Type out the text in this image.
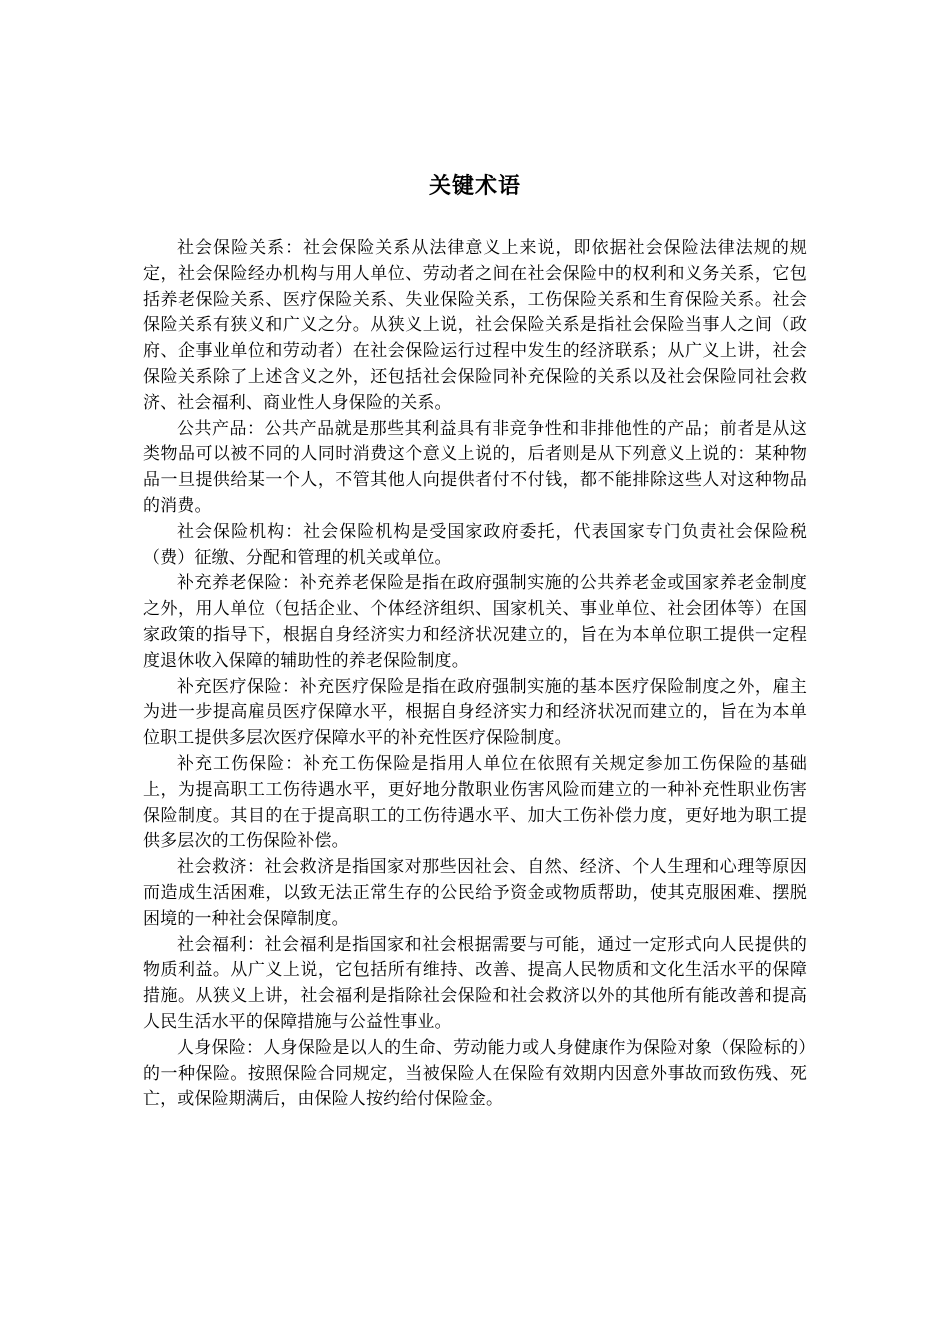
关键术语

社会保险关系：社会保险关系从法律意义上来说，即依据社会保险法律法规的规定，社会保险经办机构与用人单位、劳动者之间在社会保险中的权利和义务关系，它包括养老保险关系、医疗保险关系、失业保险关系，工伤保险关系和生育保险关系。社会保险关系有狭义和广义之分。从狭义上说，社会保险关系是指社会保险当事人之间（政府、企事业单位和劳动者）在社会保险运行过程中发生的经济联系；从广义上讲，社会保险关系除了上述含义之外，还包括社会保险同补充保险的关系以及社会保险同社会救济、社会福利、商业性人身保险的关系。

公共产品：公共产品就是那些其利益具有非竞争性和非排他性的产品；前者是从这类物品可以被不同的人同时消费这个意义上说的，后者则是从下列意义上说的：某种物品一旦提供给某一个人，不管其他人向提供者付不付钱，都不能排除这些人对这种物品的消费。

社会保险机构：社会保险机构是受国家政府委托，代表国家专门负责社会保险税（费）征缴、分配和管理的机关或单位。

补充养老保险：补充养老保险是指在政府强制实施的公共养老金或国家养老金制度之外，用人单位（包括企业、个体经济组织、国家机关、事业单位、社会团体等）在国家政策的指导下，根据自身经济实力和经济状况建立的，旨在为本单位职工提供一定程度退休收入保障的辅助性的养老保险制度。

补充医疗保险：补充医疗保险是指在政府强制实施的基本医疗保险制度之外，雇主为进一步提高雇员医疗保障水平，根据自身经济实力和经济状况而建立的，旨在为本单位职工提供多层次医疗保障水平的补充性医疗保险制度。

补充工伤保险：补充工伤保险是指用人单位在依照有关规定参加工伤保险的基础上，为提高职工工伤待遇水平，更好地分散职业伤害风险而建立的一种补充性职业伤害保险制度。其目的在于提高职工的工伤待遇水平、加大工伤补偿力度，更好地为职工提供多层次的工伤保险补偿。

社会救济：社会救济是指国家对那些因社会、自然、经济、个人生理和心理等原因而造成生活困难，以致无法正常生存的公民给予资金或物质帮助，使其克服困难、摆脱困境的一种社会保障制度。

社会福利：社会福利是指国家和社会根据需要与可能，通过一定形式向人民提供的物质利益。从广义上说，它包括所有维持、改善、提高人民物质和文化生活水平的保障措施。从狭义上讲，社会福利是指除社会保险和社会救济以外的其他所有能改善和提高人民生活水平的保障措施与公益性事业。

人身保险：人身保险是以人的生命、劳动能力或人身健康作为保险对象（保险标的）的一种保险。按照保险合同规定，当被保险人在保险有效期内因意外事故而致伤残、死亡，或保险期满后，由保险人按约给付保险金。
